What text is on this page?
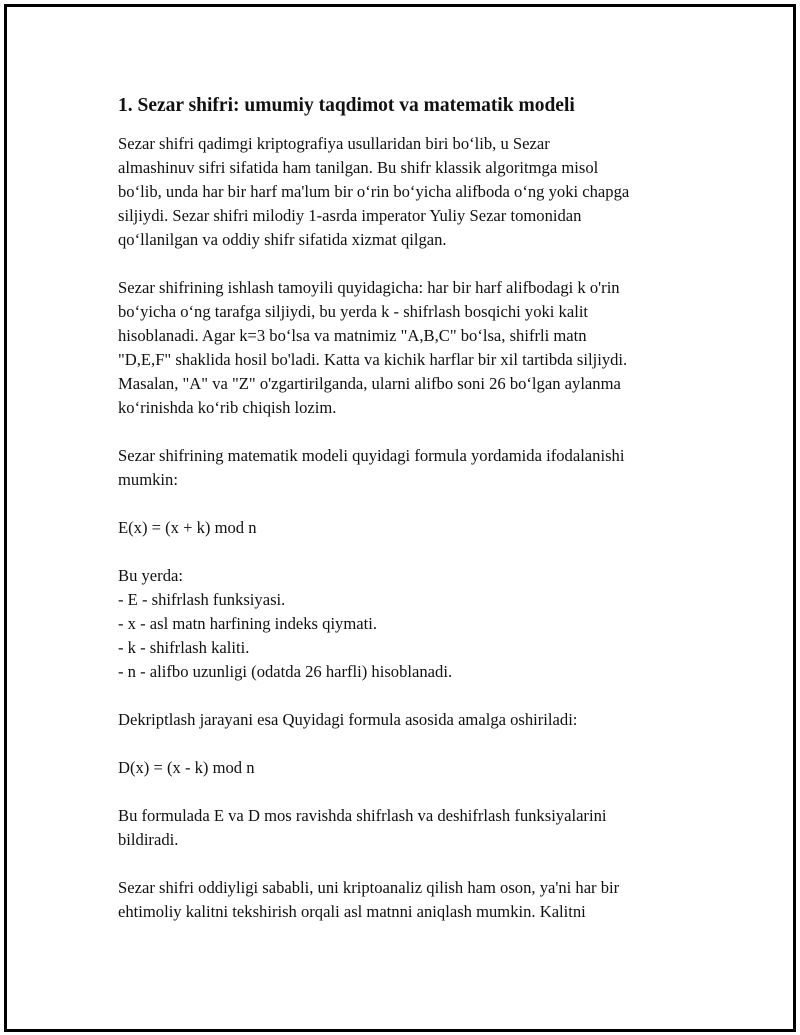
1. Sezar shifri: umumiy taqdimot va matematik modeli
Sezar shifri qadimgi kriptografiya usullaridan biri bo‘lib, u Sezar
almashinuv sifri sifatida ham tanilgan. Bu shifr klassik algoritmga misol
bo‘lib, unda har bir harf ma'lum bir o‘rin bo‘yicha alifboda o‘ng yoki chapga
siljiydi. Sezar shifri milodiy 1-asrda imperator Yuliy Sezar tomonidan
qo‘llanilgan va oddiy shifr sifatida xizmat qilgan.
Sezar shifrining ishlash tamoyili quyidagicha: har bir harf alifbodagi k o'rin
bo‘yicha o‘ng tarafga siljiydi, bu yerda k - shifrlash bosqichi yoki kalit
hisoblanadi. Agar k=3 bo‘lsa va matnimiz "A,B,C" bo‘lsa, shifrli matn
"D,E,F" shaklida hosil bo'ladi. Katta va kichik harflar bir xil tartibda siljiydi.
Masalan, "A" va "Z" o'zgartirilganda, ularni alifbo soni 26 bo‘lgan aylanma
ko‘rinishda ko‘rib chiqish lozim.
Sezar shifrining matematik modeli quyidagi formula yordamida ifodalanishi
mumkin:
E(x) = (x + k) mod n
Bu yerda:
- E - shifrlash funksiyasi.
- x - asl matn harfining indeks qiymati.
- k - shifrlash kaliti.
- n - alifbo uzunligi (odatda 26 harfli) hisoblanadi.
Dekriptlash jarayani esa Quyidagi formula asosida amalga oshiriladi:
D(x) = (x - k) mod n
Bu formulada E va D mos ravishda shifrlash va deshifrlash funksiyalarini
bildiradi.
Sezar shifri oddiyligi sababli, uni kriptoanaliz qilish ham oson, ya'ni har bir
ehtimoliy kalitni tekshirish orqali asl matnni aniqlash mumkin. Kalitni
